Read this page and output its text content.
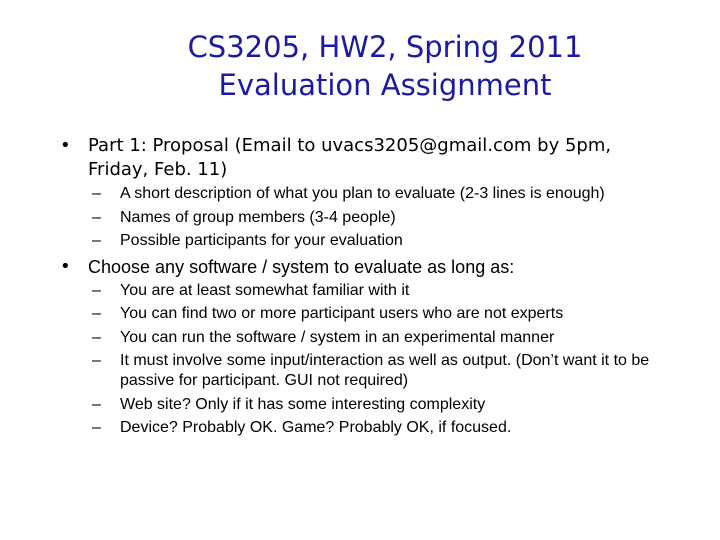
CS3205, HW2, Spring 2011
Evaluation Assignment
• Part 1: Proposal (Email to uvacs3205@gmail.com by 5pm, Friday, Feb. 11)
– A short description of what you plan to evaluate (2-3 lines is enough)
– Names of group members (3-4 people)
– Possible participants for your evaluation
• Choose any software / system to evaluate as long as:
– You are at least somewhat familiar with it
– You can find two or more participant users who are not experts
– You can run the software / system in an experimental manner
– It must involve some input/interaction as well as output. (Don’t want it to be passive for participant. GUI not required)
– Web site? Only if it has some interesting complexity
– Device? Probably OK. Game? Probably OK, if focused.
